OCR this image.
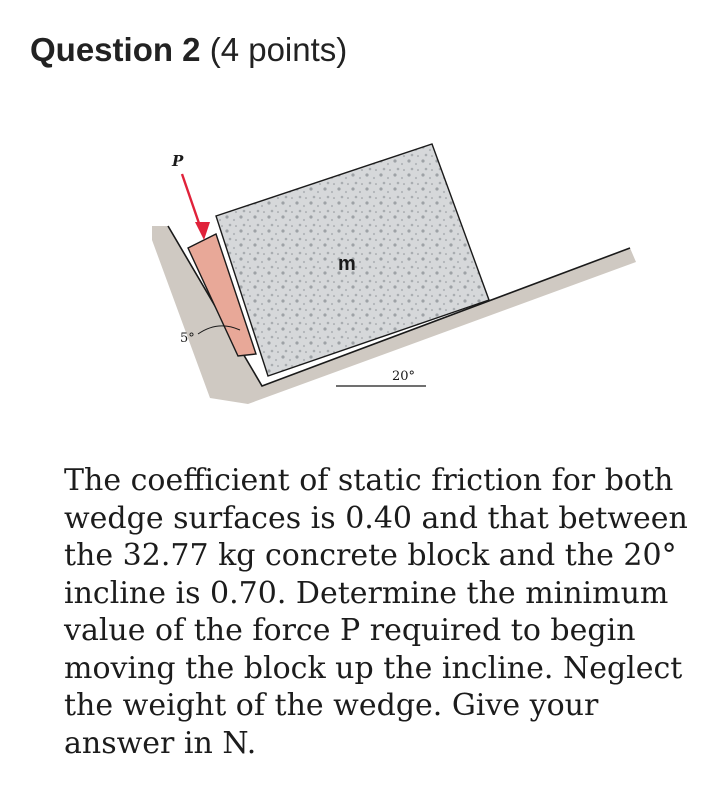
Question 2 (4 points)
P
m
5°
20°

The coefficient of static friction for both wedge surfaces is 0.40 and that between the 32.77 kg concrete block and the 20° incline is 0.70. Determine the minimum value of the force P required to begin moving the block up the incline. Neglect the weight of the wedge. Give your answer in N.
